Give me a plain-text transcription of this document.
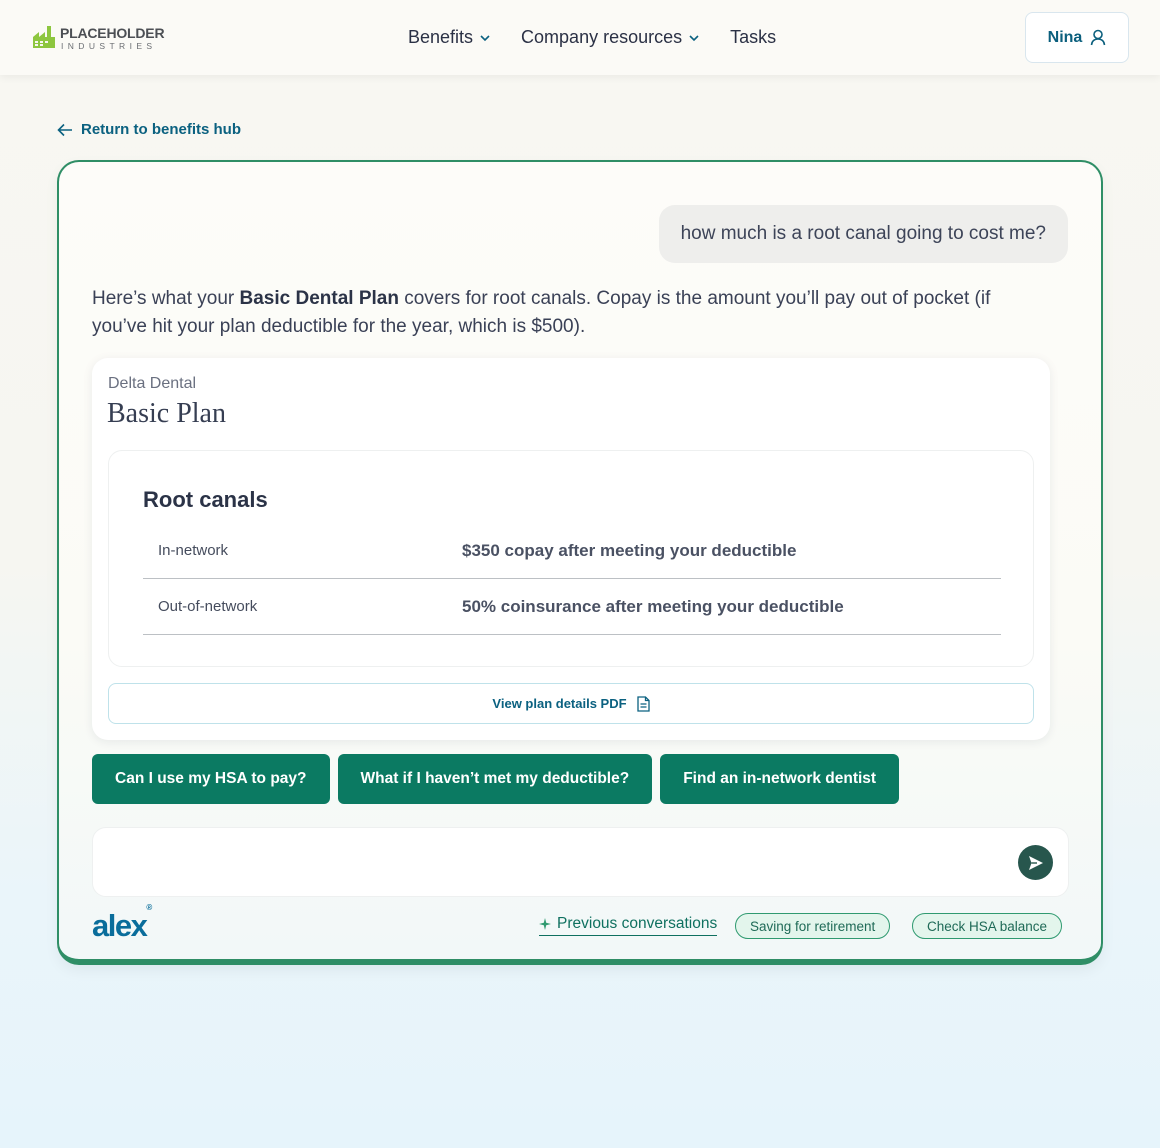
PLACEHOLDER
INDUSTRIES	Benefits	Company resources	Tasks	Nina
Return to benefits hub
how much is a root canal going to cost me?

Here’s what your Basic Dental Plan covers for root canals. Copay is the amount you’ll pay out of pocket (if you’ve hit your plan deductible for the year, which is $500).

Delta Dental
Basic Plan
Root canals
In-network	$350 copay after meeting your deductible
Out-of-network	50% coinsurance after meeting your deductible
View plan details PDF
Can I use my HSA to pay?	What if I haven’t met my deductible?	Find an in-network dentist
alex®
Previous conversations	Saving for retirement	Check HSA balance
